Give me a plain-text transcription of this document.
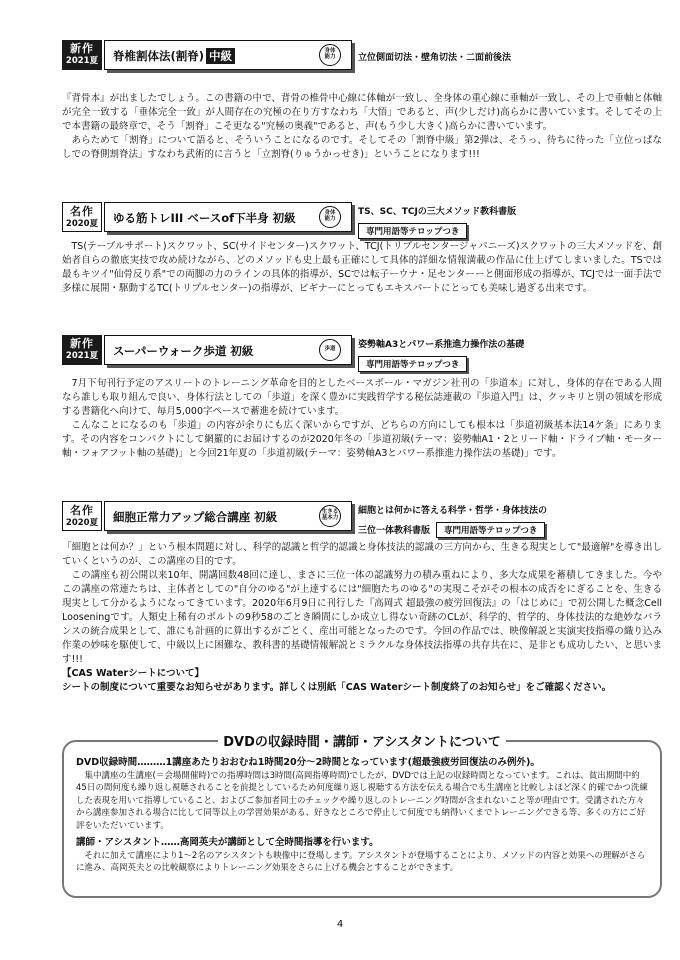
新作
2021夏	脊椎割体法(割脊) 中級	身体
能力	立位側面切法・壁角切法・二面前後法

『背骨本』が出ましたでしょう。この書籍の中で、背骨の椎骨中心線に体軸が一致し、全身体の重心線に垂軸が一致し、その上で垂軸と体軸が完全一致する「垂体完全一致」が人間存在の究極の在り方すなわち「大悟」であると、声(少しだけ)高らかに書いています。そしてその上で本書籍の最終章で、そう「割脊」こそ更なる"究極の奥義"であると、声(もう少し大きく)高らかに書いています。

あらためて「割脊」について語ると、そういうことになるのです。そしてその「割脊中級」第2弾は、そうっ、待ちに待った「立位っぱなしでの脊側割脊法」すなわち武術的に言うと「立割脊(りゅうかっせき)」ということになります!!!

名作
2020夏 ゆる筋トレIII ベースof下半身 初級	身体
能力
TS、SC、TCJの三大メソッド教科書版
専門用語等テロップつき

TS(テーブルサポート)スクワット、SC(サイドセンター)スクワット、TCJ(トリプルセンタージャパニーズ)スクワットの三大メソッドを、創始者自らの徹底実技で攻め続けながら、どのメソッドも史上最も正確にして具体的詳細な情報満載の作品に仕上げてしまいました。TSでは最もキツイ"仙骨反り系"での両脚の力のラインの具体的指導が、SCでは転子ーウナ・足センターーと側面形成の指導が、TCJでは一面手法で多様に展開・駆動するTC(トリプルセンター)の指導が、ビギナーにとってもエキスパートにとっても美味し過ぎる出来です。

新作
2021夏	スーパーウォーク歩道 初級	歩道	姿勢軸A3とパワー系推進力操作法の基礎
専門用語等テロップつき

7月下旬刊行予定のアスリートのトレーニング革命を目的としたベースボール・マガジン社刊の「歩道本」に対し、身体的存在である人間なら誰しも取り組んで良い、身体行法としての「歩道」を深く豊かに実践哲学する秘伝誌連載の『歩道入門』は、クッキリと別の領域を形成する書籍化へ向けて、毎月5,000字ペースで蓄進を続けています。

こんなことになるのも「歩道」の内容が余りにも広く深いからですが、どちらの方向にしても根本は「歩道初級基本法14ケ条」にあります。その内容をコンパクトにして網羅的にお届けするのが2020年冬の「歩道初級(テーマ：姿勢軸A1・2とリード軸・ドライブ軸・モーター軸・フォアフット軸の基礎)」と今回21年夏の「歩道初級(テーマ：姿勢軸A3とパワー系推進力操作法の基礎)」です。

名作
2020夏 細胞正常力アップ総合講座 初級	生きる
基本力
細胞とは何かに答える科学・哲学・身体技法の
三位一体教科書版 専門用語等テロップつき

「細胞とは何か？」という根本問題に対し、科学的認識と哲学的認識と身体技法的認識の三方向から、生きる現実として"最適解"を導き出していくというのが、この講座の目的です。

この講座も初公開以来10年、開講回数48回に達し、まさに三位一体の認識努力の積み重ねにより、多大な成果を蓄積してきました。今やこの講座の常連たちは、主体者としての"自分のゆる"が上達するには"細胞たちのゆる"の実現こそがその根本の成否をにぎることを、生きる現実として分かるようになってきています。2020年6月9日に刊行した『高岡式 超最強の疲労回復法』の「はじめに」で初公開した概念Cell Looseningです。人類史上稀有のボルトの9秒58のごとき瞬間にしか成立し得ない奇跡のCLが、科学的、哲学的、身体技法的な絶妙なバランスの統合成果として、誰にも計画的に算出するがごとく、産出可能となったのです。今回の作品では、映像解説と実演実技指導の織り込み作業の妙味を駆使して、中級以上に困難な、教科書的基礎情報解説とミラクルな身体技法指導の共存共在に、是非とも成功したい、と思います!!!

【CAS Waterシートについて】

シートの制度について重要なお知らせがあります。詳しくは別紙「CAS Waterシート制度終了のお知らせ」をご確認ください。

DVDの収録時間・講師・アシスタントについて

DVD収録時間………1講座あたりおおむね1時間20分～2時間となっています(超最強疲労回復法のみ例外)。

集中講座の生講座(＝会場開催時)での指導時間は3時間(高岡指導時間)でしたが、DVDでは上記の収録時間となっています。これは、貧出期間中約45日の間何度も繰り返し視聴されることを前提としているため何度繰り返し視聴する方法を伝える場合でも生講座と比較しよほど深く的確でかつ洗練した表現を用いて指導していること、およびご参加者同士のチェックや繰り返しのトレーニング時間が含まれないこと等が理由です。受講された方々から講座参加される場合に比して同等以上の学習効果がある、好きなところで停止して何度でも納得いくまでトレーニングできる等、多くの方にご好評をいただいています。

講師・アシスタント……高岡英夫が講師として全時間指導を行います。

それに加えて講座により1～2名のアシスタントも映像中に登場します。アシスタントが登場することにより、メソッドの内容と効果への理解がさらに進み、高岡英夫との比較観察によりトレーニング効果をさらに上げる機会とすることができます。

4
